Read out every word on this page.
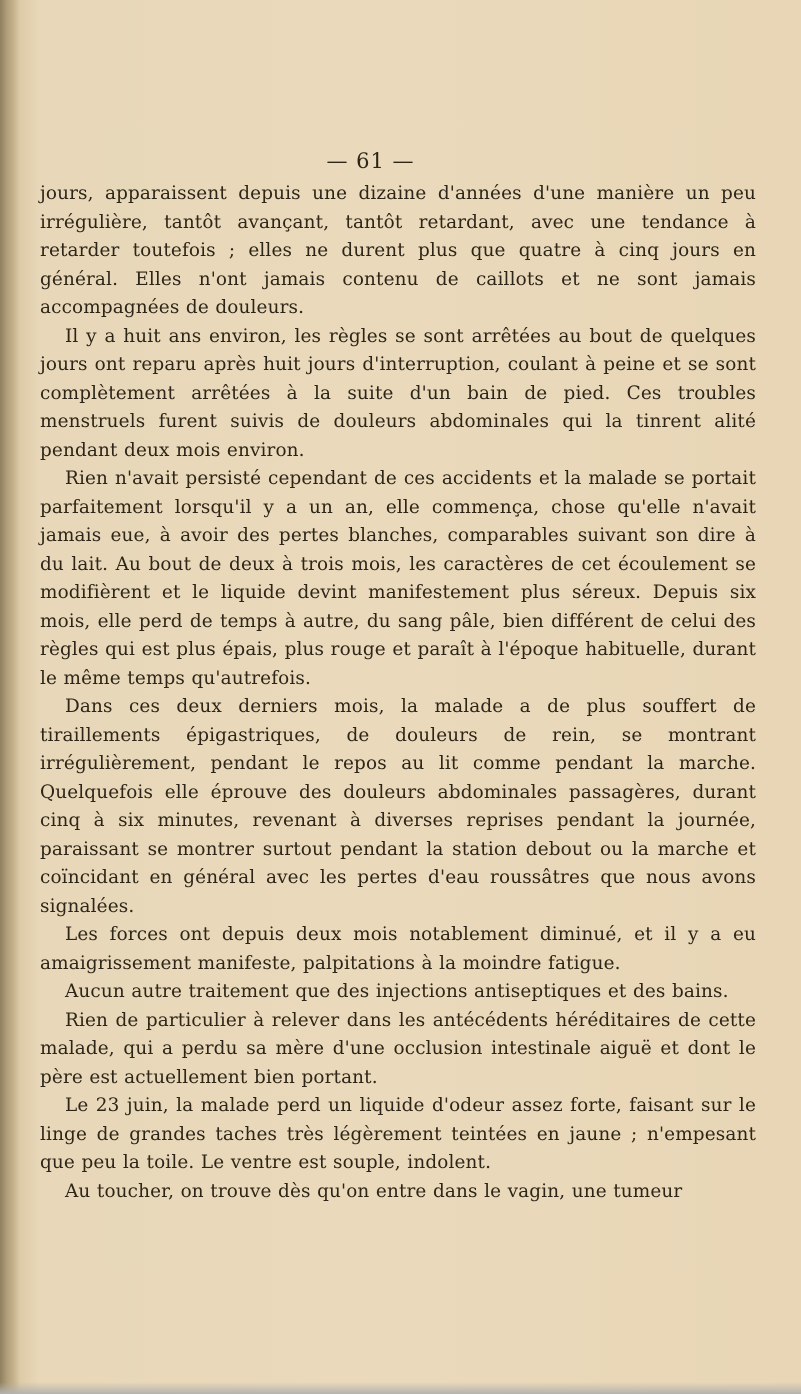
— 61 —

jours, apparaissent depuis une dizaine d'années d'une manière un peu irrégulière, tantôt avançant, tantôt retardant, avec une tendance à retarder toutefois ; elles ne durent plus que quatre à cinq jours en général. Elles n'ont jamais contenu de caillots et ne sont jamais accompagnées de douleurs.

Il y a huit ans environ, les règles se sont arrêtées au bout de quelques jours ont reparu après huit jours d'interruption, coulant à peine et se sont complètement arrêtées à la suite d'un bain de pied. Ces troubles menstruels furent suivis de douleurs abdominales qui la tinrent alité pendant deux mois environ.

Rien n'avait persisté cependant de ces accidents et la malade se portait parfaitement lorsqu'il y a un an, elle commença, chose qu'elle n'avait jamais eue, à avoir des pertes blanches, comparables suivant son dire à du lait. Au bout de deux à trois mois, les caractères de cet écoulement se modifièrent et le liquide devint manifestement plus séreux. Depuis six mois, elle perd de temps à autre, du sang pâle, bien différent de celui des règles qui est plus épais, plus rouge et paraît à l'époque habituelle, durant le même temps qu'autrefois.

Dans ces deux derniers mois, la malade a de plus souffert de tiraillements épigastriques, de douleurs de rein, se montrant irrégulièrement, pendant le repos au lit comme pendant la marche. Quelquefois elle éprouve des douleurs abdominales passagères, durant cinq à six minutes, revenant à diverses reprises pendant la journée, paraissant se montrer surtout pendant la station debout ou la marche et coïncidant en général avec les pertes d'eau roussâtres que nous avons signalées.

Les forces ont depuis deux mois notablement diminué, et il y a eu amaigrissement manifeste, palpitations à la moindre fatigue.

Aucun autre traitement que des injections antiseptiques et des bains.

Rien de particulier à relever dans les antécédents héréditaires de cette malade, qui a perdu sa mère d'une occlusion intestinale aiguë et dont le père est actuellement bien portant.

Le 23 juin, la malade perd un liquide d'odeur assez forte, faisant sur le linge de grandes taches très légèrement teintées en jaune ; n'empesant que peu la toile. Le ventre est souple, indolent.

Au toucher, on trouve dès qu'on entre dans le vagin, une tumeur
